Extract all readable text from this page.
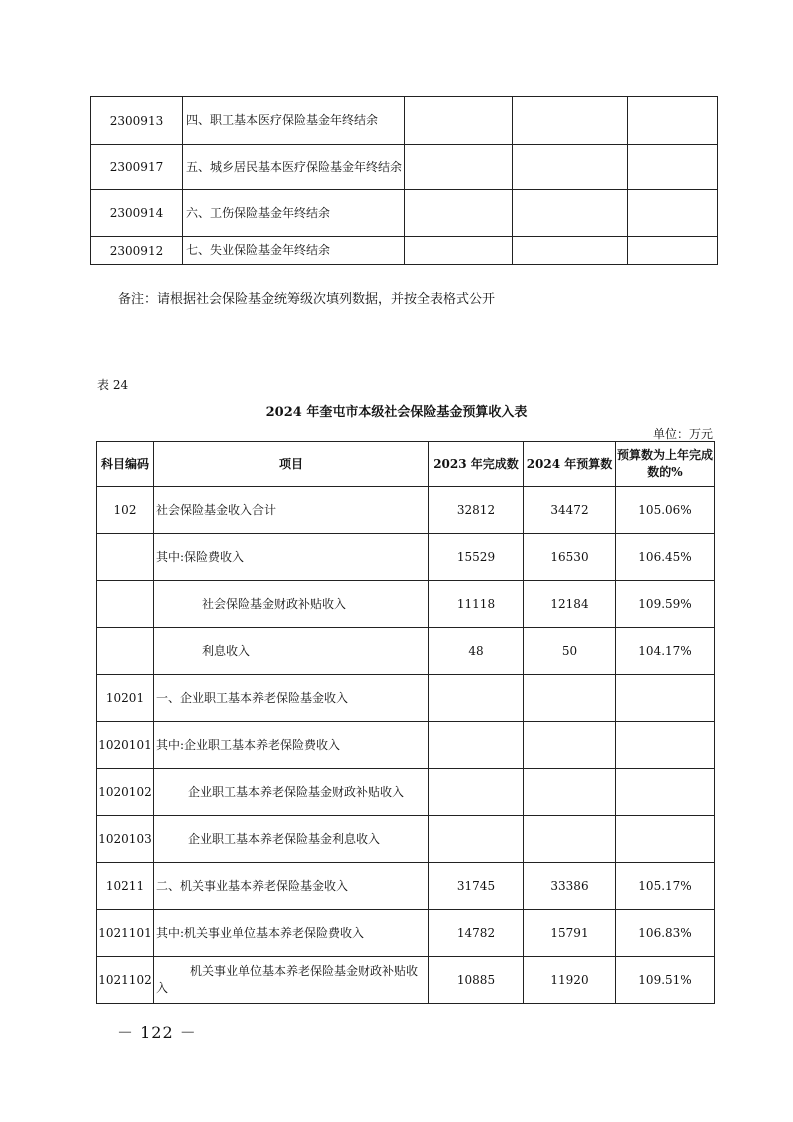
2300913	四、职工基本医疗保险基金年终结余			
2300917	五、城乡居民基本医疗保险基金年终结余			
2300914	六、工伤保险基金年终结余			
2300912	七、失业保险基金年终结余			
备注：请根据社会保险基金统筹级次填列数据，并按全表格式公开
表 24
2024 年奎屯市本级社会保险基金预算收入表
单位：万元
科目编码	项目	2023 年完成数	2024 年预算数	预算数为上年完成数的%
102	社会保险基金收入合计	32812	34472	105.06%
	其中:保险费收入	15529	16530	106.45%
	社会保险基金财政补贴收入	11118	12184	109.59%
	利息收入	48	50	104.17%
10201	一、企业职工基本养老保险基金收入			
1020101	其中:企业职工基本养老保险费收入			
1020102	企业职工基本养老保险基金财政补贴收入			
1020103	企业职工基本养老保险基金利息收入			
10211	二、机关事业基本养老保险基金收入	31745	33386	105.17%
1021101	其中:机关事业单位基本养老保险费收入	14782	15791	106.83%
1021102	机关事业单位基本养老保险基金财政补贴收入	10885	11920	109.51%
－ 122 －
